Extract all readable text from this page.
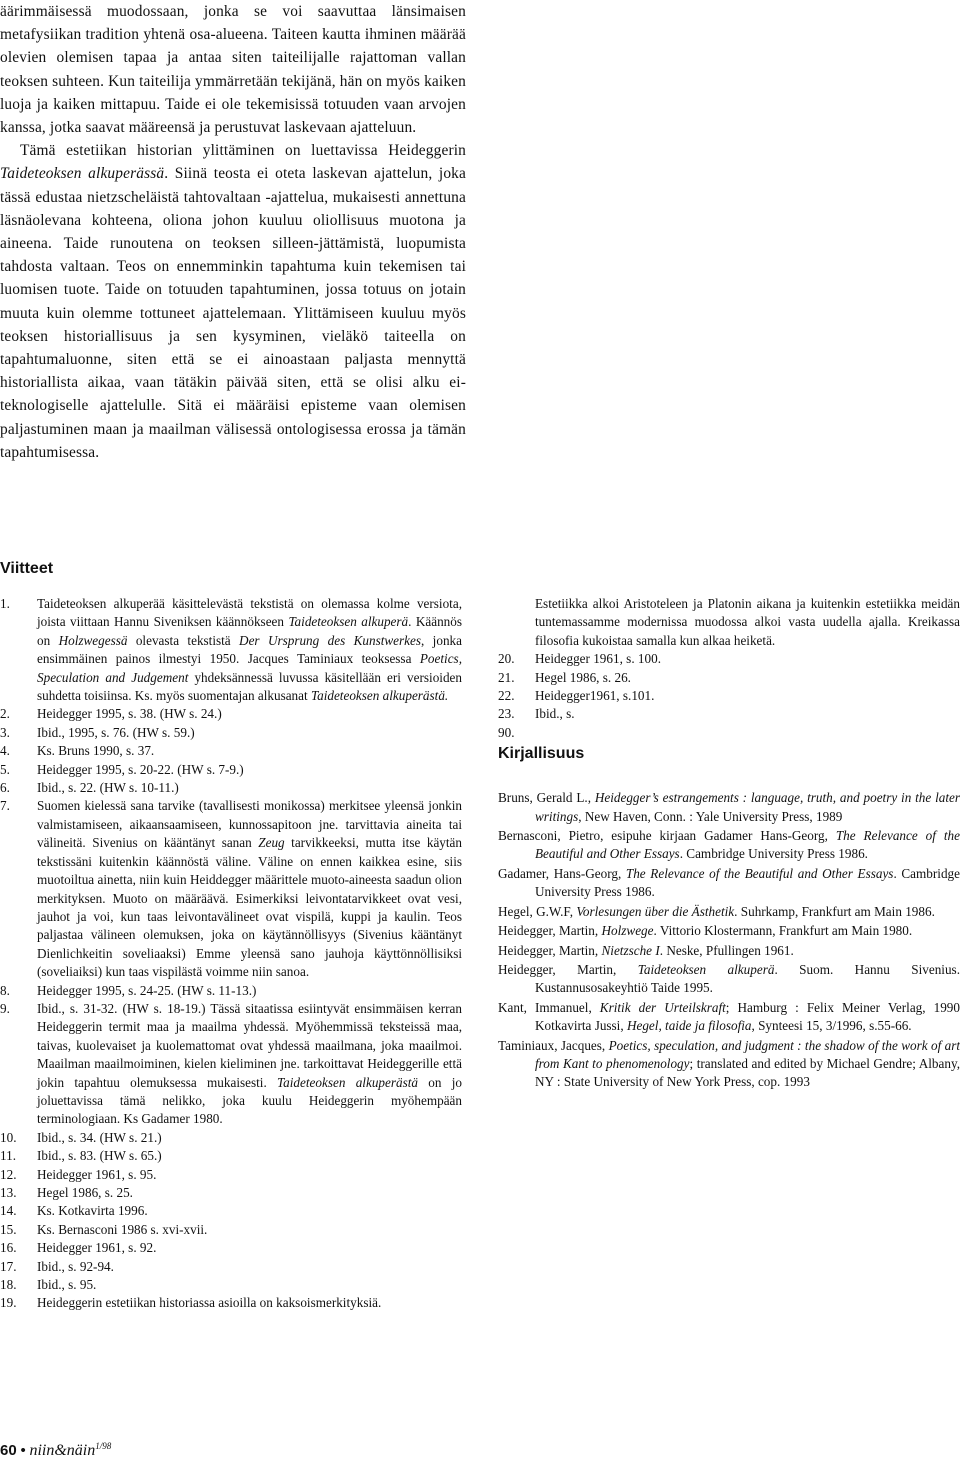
äärimmäisessä muodossaan, jonka se voi saavuttaa länsimaisen metafysiikan tradition yhtenä osa-alueena. Taiteen kautta ihminen määrää olevien olemisen tapaa ja antaa siten taiteilijalle rajattoman vallan teoksen suhteen. Kun taiteilija ymmärretään tekijänä, hän on myös kaiken luoja ja kaiken mittapuu. Taide ei ole tekemisissä totuuden vaan arvojen kanssa, jotka saavat määreensä ja perustuvat laskevaan ajatteluun.

Tämä estetiikan historian ylittäminen on luettavissa Heideggerin Taideteoksen alkuperässä. Siinä teosta ei oteta laskevan ajattelun, joka tässä edustaa nietzscheläistä tahtovaltaan -ajattelua, mukaisesti annettuna läsnäolevana kohteena, oliona johon kuuluu oliollisuus muotona ja aineena. Taide runoutena on teoksen silleen-jättämistä, luopumista tahdosta valtaan. Teos on ennemminkin tapahtuma kuin tekemisen tai luomisen tuote. Taide on totuuden tapahtuminen, jossa totuus on jotain muuta kuin olemme tottuneet ajattelemaan. Ylittämiseen kuuluu myös teoksen historiallisuus ja sen kysyminen, vieläkö taiteella on tapahtumaluonne, siten että se ei ainoastaan paljasta mennyttä historiallista aikaa, vaan tätäkin päivää siten, että se olisi alku ei-teknologiselle ajattelulle. Sitä ei määräisi episteme vaan olemisen paljastuminen maan ja maailman välisessä ontologisessa erossa ja tämän tapahtumisessa.

Viitteet
1. Taideteoksen alkuperää käsittelevästä tekstistä on olemassa kolme versiota, joista viittaan Hannu Siveniksen käännökseen Taideteoksen alkuperä. Käännös on Holzwegessä olevasta tekstistä Der Ursprung des Kunstwerkes, jonka ensimmäinen painos ilmestyi 1950. Jacques Taminiaux teoksessa Poetics, Speculation and Judgement yhdeksännessä luvussa käsitellään eri versioiden suhdetta toisiinsa. Ks. myös suomentajan alkusanat Taideteoksen alkuperästä.
2. Heidegger 1995, s. 38. (HW s. 24.)
3. Ibid., 1995, s. 76. (HW s. 59.)
4. Ks. Bruns 1990, s. 37.
5. Heidegger 1995, s. 20-22. (HW s. 7-9.)
6. Ibid., s. 22. (HW s. 10-11.)
7. Suomen kielessä sana tarvike (tavallisesti monikossa) merkitsee yleensä jonkin valmistamiseen, aikaansaamiseen, kunnossapitoon jne. tarvittavia aineita tai välineitä. Sivenius on kääntänyt sanan Zeug tarvikkeeksi, mutta itse käytän tekstissäni kuitenkin käännöstä väline. Väline on ennen kaikkea esine, siis muotoiltua ainetta, niin kuin Heiddegger määrittele muoto-aineesta saadun olion merkityksen. Muoto on määräävä. Esimerkiksi leivontatarvikkeet ovat vesi, jauhot ja voi, kun taas leivontavälineet ovat vispilä, kuppi ja kaulin. Teos paljastaa välineen olemuksen, joka on käytännöllisyys (Sivenius kääntänyt Dienlichkeitin soveliaaksi) Emme yleensä sano jauhoja käyttönnöllisiksi (soveliaiksi) kun taas vispilästä voimme niin sanoa.
8. Heidegger 1995, s. 24-25. (HW s. 11-13.)
9. Ibid., s. 31-32. (HW s. 18-19.) Tässä sitaatissa esiintyvät ensimmäisen kerran Heideggerin termit maa ja maailma yhdessä. Myöhemmissä teksteissä maa, taivas, kuolevaiset ja kuolemattomat ovat yhdessä maailmana, joka maailmoi. Maailman maailmoiminen, kielen kieliminen jne. tarkoittavat Heideggerille että jokin tapahtuu olemuksessa mukaisesti. Taideteoksen alkuperästä on jo joluettavissa tämä nelikko, joka kuulu Heideggerin myöhempään terminologiaan. Ks Gadamer 1980.
10. Ibid., s. 34. (HW s. 21.)
11. Ibid., s. 83. (HW s. 65.)
12. Heidegger 1961, s. 95.
13. Hegel 1986, s. 25.
14. Ks. Kotkavirta 1996.
15. Ks. Bernasconi 1986 s. xvi-xvii.
16. Heidegger 1961, s. 92.
17. Ibid., s. 92-94.
18. Ibid., s. 95.
19. Heideggerin estetiikan historiassa asioilla on kaksoismerkityksiä.
Estetiikka alkoi Aristoteleen ja Platonin aikana ja kuitenkin estetiikka meidän tuntemassamme modernissa muodossa alkoi vasta uudella ajalla. Kreikassa filosofia kukoistaa samalla kun alkaa heiketä.
20. Heidegger 1961, s. 100.
21. Hegel 1986, s. 26.
22. Heidegger1961, s.101.
23. Ibid., s.
90.
Kirjallisuus

Bruns, Gerald L., Heidegger’s estrangements : language, truth, and poetry in the later writings, New Haven, Conn. : Yale University Press, 1989

Bernasconi, Pietro, esipuhe kirjaan Gadamer Hans-Georg, The Relevance of the Beautiful and Other Essays. Cambridge University Press 1986.

Gadamer, Hans-Georg, The Relevance of the Beautiful and Other Essays. Cambridge University Press 1986.

Hegel, G.W.F, Vorlesungen über die Ästhetik. Suhrkamp, Frankfurt am Main 1986.

Heidegger, Martin, Holzwege. Vittorio Klostermann, Frankfurt am Main 1980.

Heidegger, Martin, Nietzsche I. Neske, Pfullingen 1961.

Heidegger, Martin, Taideteoksen alkuperä. Suom. Hannu Sivenius. Kustannusosakeyhtiö Taide 1995.

Kant, Immanuel, Kritik der Urteilskraft; Hamburg : Felix Meiner Verlag, 1990 Kotkavirta Jussi, Hegel, taide ja filosofia, Synteesi 15, 3/1996, s.55-66.

Taminiaux, Jacques, Poetics, speculation, and judgment : the shadow of the work of art from Kant to phenomenology; translated and edited by Michael Gendre; Albany, NY : State University of New York Press, cop. 1993

60 • niin&näin$^{1/98}$
